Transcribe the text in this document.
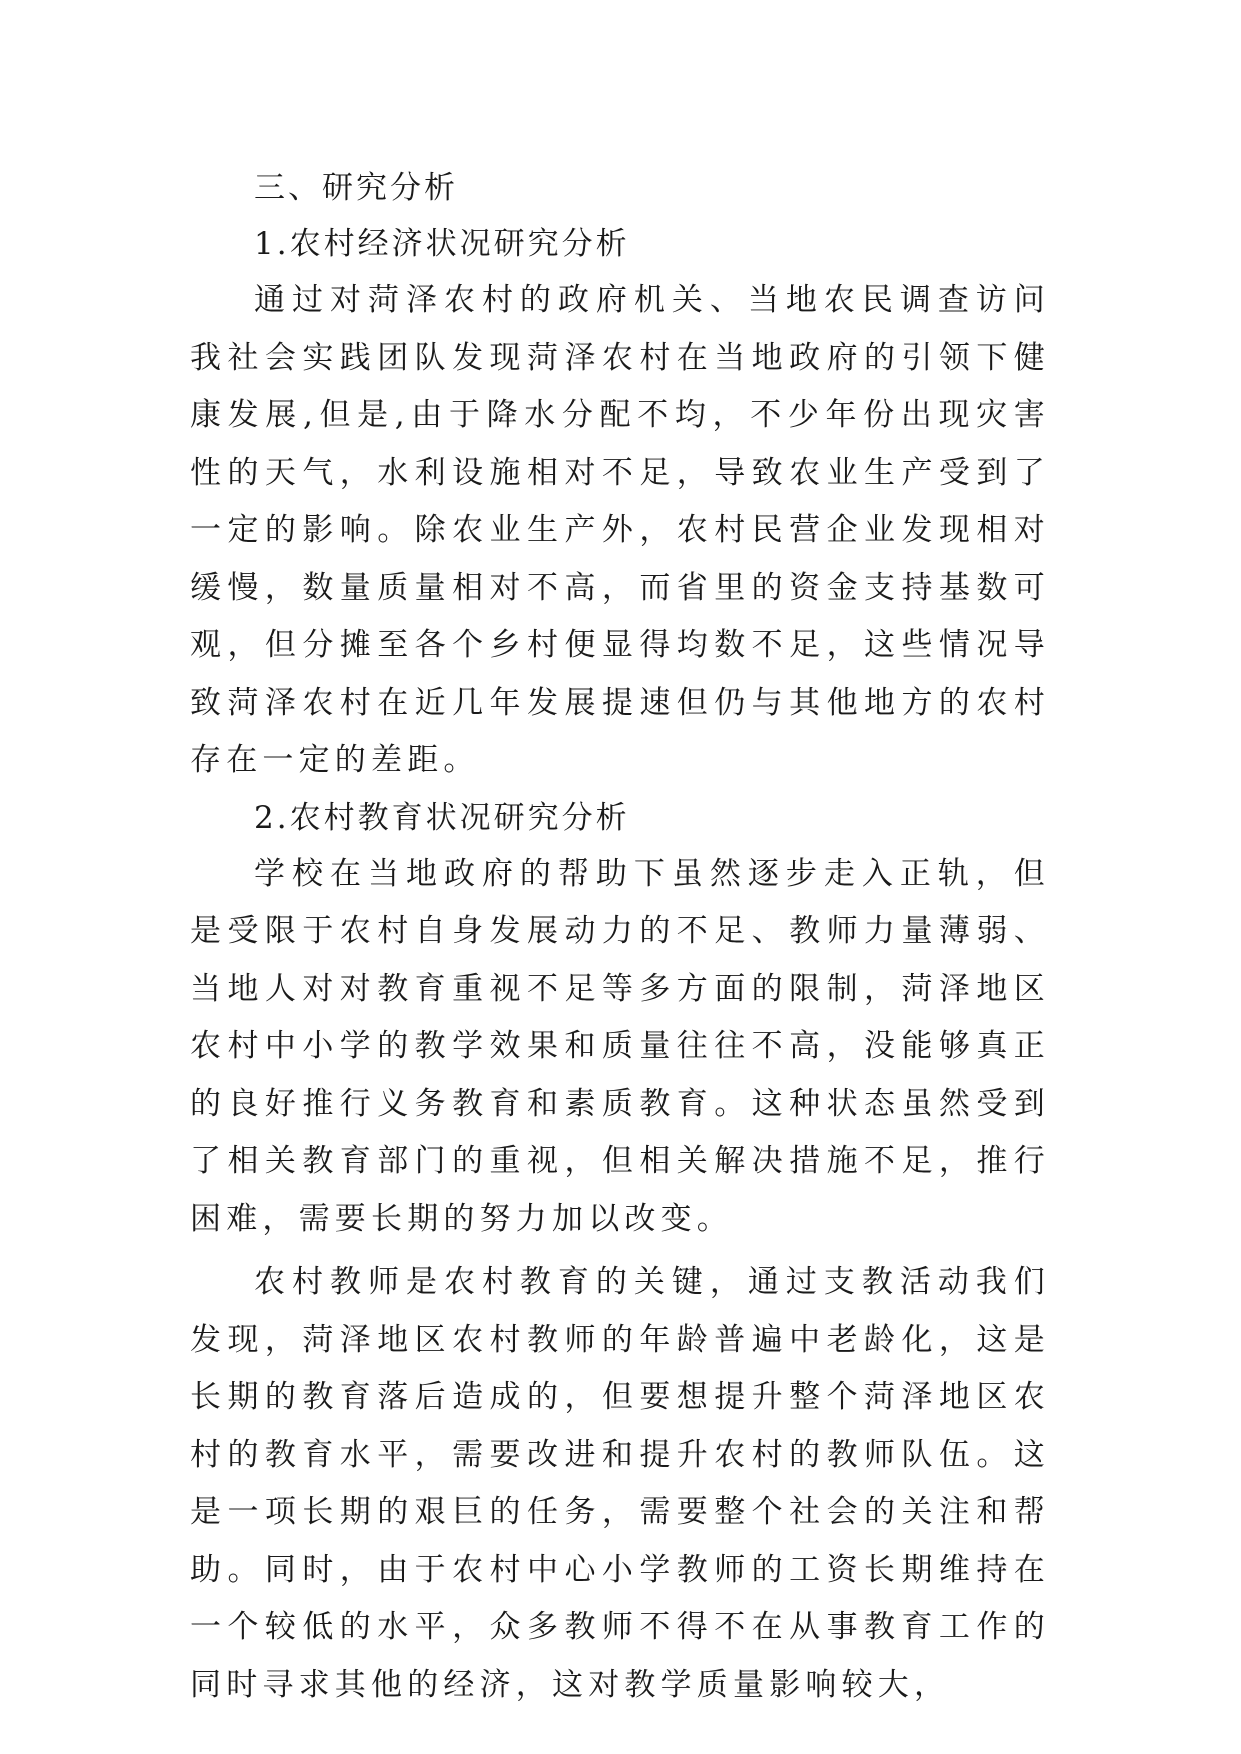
三、研究分析

1.农村经济状况研究分析

通过对菏泽农村的政府机关、当地农民调查访问我社会实践团队发现菏泽农村在当地政府的引领下健康发展,但是,由于降水分配不均，不少年份出现灾害性的天气，水利设施相对不足，导致农业生产受到了一定的影响。除农业生产外，农村民营企业发现相对缓慢，数量质量相对不高，而省里的资金支持基数可观，但分摊至各个乡村便显得均数不足，这些情况导致菏泽农村在近几年发展提速但仍与其他地方的农村存在一定的差距。

2.农村教育状况研究分析

学校在当地政府的帮助下虽然逐步走入正轨，但是受限于农村自身发展动力的不足、教师力量薄弱、当地人对对教育重视不足等多方面的限制，菏泽地区农村中小学的教学效果和质量往往不高，没能够真正的良好推行义务教育和素质教育。这种状态虽然受到了相关教育部门的重视，但相关解决措施不足，推行困难，需要长期的努力加以改变。

农村教师是农村教育的关键，通过支教活动我们发现，菏泽地区农村教师的年龄普遍中老龄化，这是长期的教育落后造成的，但要想提升整个菏泽地区农村的教育水平，需要改进和提升农村的教师队伍。这是一项长期的艰巨的任务，需要整个社会的关注和帮助。同时，由于农村中心小学教师的工资长期维持在一个较低的水平，众多教师不得不在从事教育工作的同时寻求其他的经济，这对教学质量影响较大，
